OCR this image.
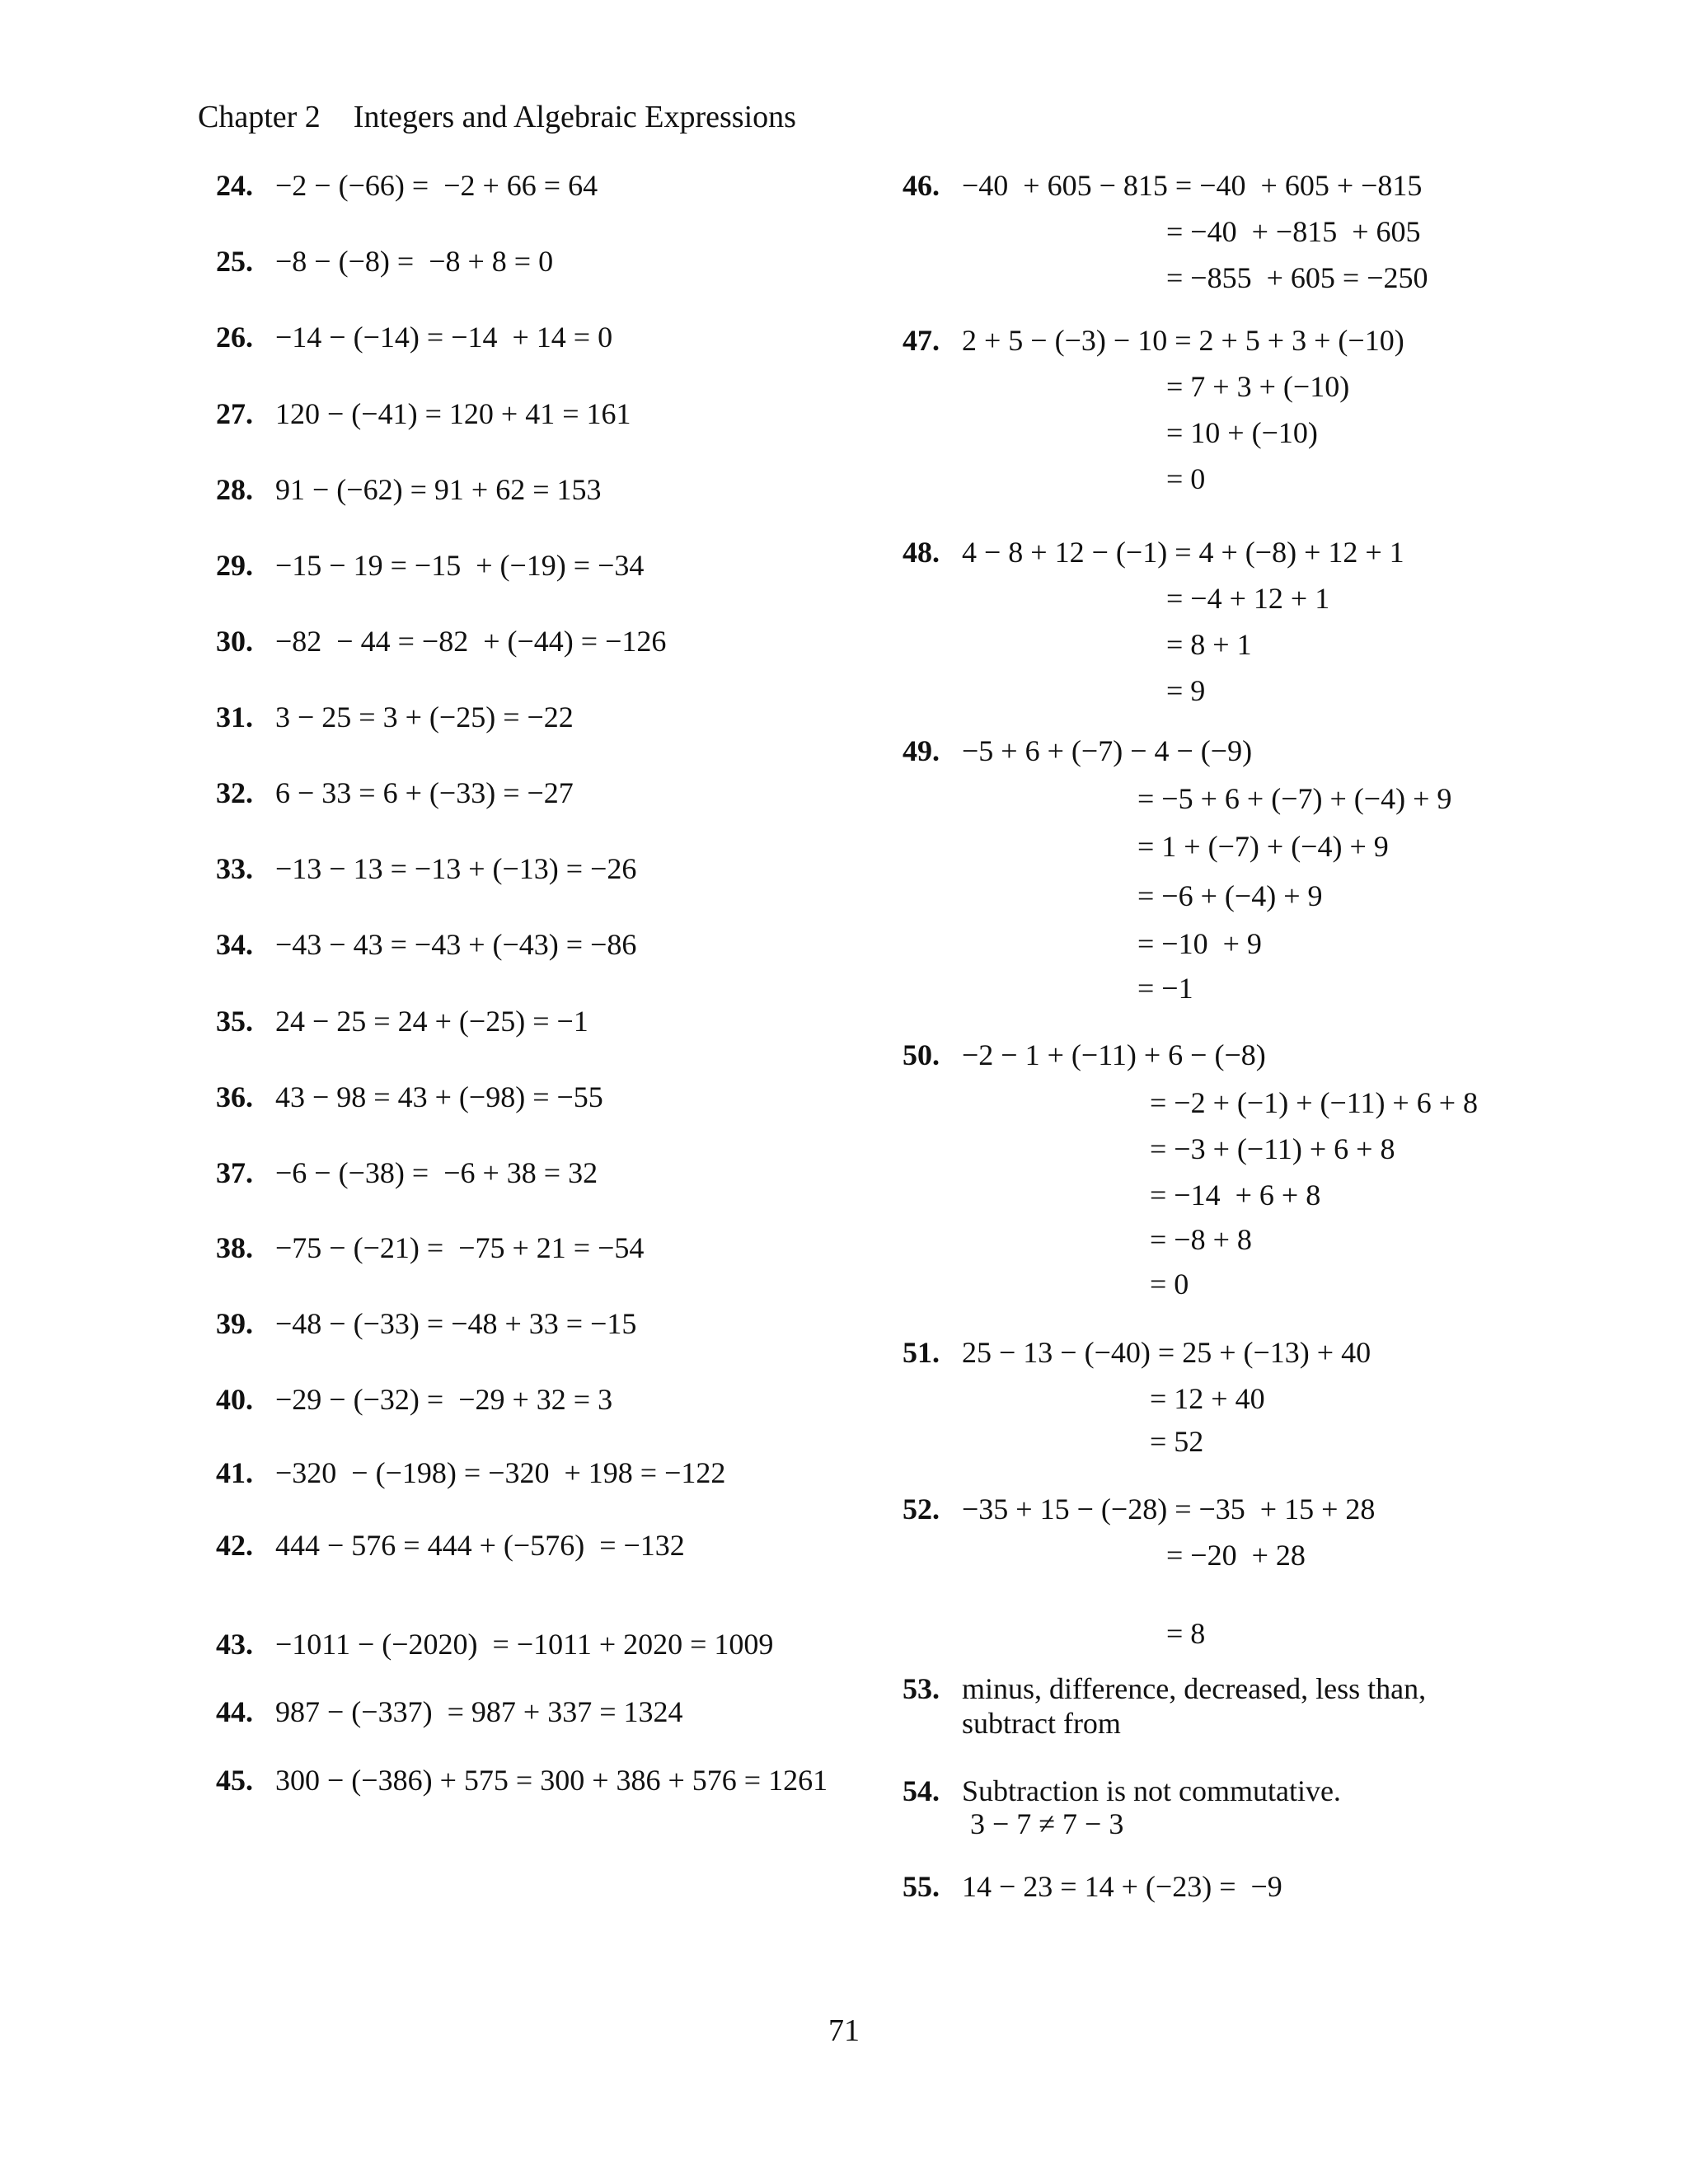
Chapter 2 Integers and Algebraic Expressions
24. −2 − (−66) =  −2 + 66 = 64
25. −8 − (−8) =  −8 + 8 = 0
26. −14 − (−14) = −14  + 14 = 0
27. 120 − (−41) = 120 + 41 = 161
28. 91 − (−62) = 91 + 62 = 153
29. −15 − 19 = −15  + (−19) = −34
30. −82  − 44 = −82  + (−44) = −126
31. 3 − 25 = 3 + (−25) = −22
32. 6 − 33 = 6 + (−33) = −27
33. −13 − 13 = −13 + (−13) = −26
34. −43 − 43 = −43 + (−43) = −86
35. 24 − 25 = 24 + (−25) = −1
36. 43 − 98 = 43 + (−98) = −55
37. −6 − (−38) =  −6 + 38 = 32
38. −75 − (−21) =  −75 + 21 = −54
39. −48 − (−33) = −48 + 33 = −15
40. −29 − (−32) =  −29 + 32 = 3
41. −320  − (−198) = −320  + 198 = −122
42. 444 − 576 = 444 + (−576)  = −132
43. −1011 − (−2020)  = −1011 + 2020 = 1009
44. 987 − (−337)  = 987 + 337 = 1324
45. 300 − (−386) + 575 = 300 + 386 + 576 = 1261
46. −40  + 605 − 815 = −40  + 605 + −815
= −40  + −815  + 605
= −855  + 605 = −250
47. 2 + 5 − (−3) − 10 = 2 + 5 + 3 + (−10)
= 7 + 3 + (−10)
= 10 + (−10)
= 0
48. 4 − 8 + 12 − (−1) = 4 + (−8) + 12 + 1
= −4 + 12 + 1
= 8 + 1
= 9
49. −5 + 6 + (−7) − 4 − (−9)
= −5 + 6 + (−7) + (−4) + 9
= 1 + (−7) + (−4) + 9
= −6 + (−4) + 9
= −10  + 9
= −1
50. −2 − 1 + (−11) + 6 − (−8)
= −2 + (−1) + (−11) + 6 + 8
= −3 + (−11) + 6 + 8
= −14  + 6 + 8
= −8 + 8
= 0
51. 25 − 13 − (−40) = 25 + (−13) + 40
= 12 + 40
= 52
52. −35 + 15 − (−28) = −35  + 15 + 28
= −20  + 28
= 8
53. minus, difference, decreased, less than,
subtract from
54. Subtraction is not commutative.
3 − 7 ≠ 7 − 3
55. 14 − 23 = 14 + (−23) =  −9
71
